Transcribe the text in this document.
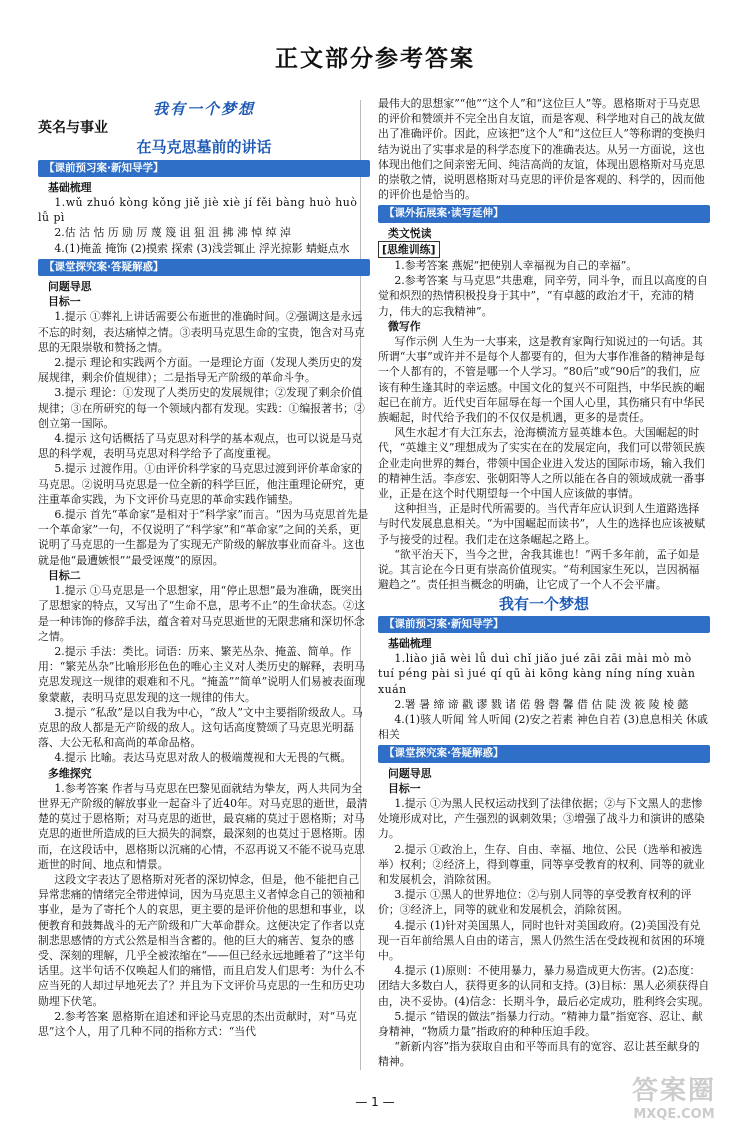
正文部分参考答案
我有一个梦想
英名与事业
在马克思墓前的讲话
【课前预习案·新知导学】

基础梳理

1.wǔ zhuó kòng kǒng jiě jiè xiè jí fěi bàng huò huò lǚ pì

2.估 沽 怙 历 励 厉 蔑 篾 诅 狙 沮 拂 沸 悼 绰 淖

4.(1)掩盖 掩饰 (2)摸索 探索 (3)浅尝辄止 浮光掠影 蜻蜓点水

【课堂探究案·答疑解惑】

问题导思

目标一

1.提示 ①葬礼上讲话需要公布逝世的准确时间。②强调这是永远不忘的时刻，表达痛悼之情。③表明马克思生命的宝贵，饱含对马克思的无限崇敬和赞扬之情。

2.提示 理论和实践两个方面。一是理论方面（发现人类历史的发展规律，剩余价值规律）；二是指导无产阶级的革命斗争。

3.提示 理论：①发现了人类历史的发展规律；②发现了剩余价值规律；③在所研究的每一个领域内都有发现。实践：①编报著书；②创立第一国际。

4.提示 这句话概括了马克思对科学的基本观点，也可以说是马克思的科学观，表明马克思对科学给予了高度重视。

5.提示 过渡作用。①由评价科学家的马克思过渡到评价革命家的马克思。②说明马克思是一位全新的科学巨匠，他注重理论研究，更注重革命实践，为下文评价马克思的革命实践作铺垫。

6.提示 首先“革命家”是相对于“科学家”而言。“因为马克思首先是一个革命家”一句，不仅说明了“科学家”和“革命家”之间的关系，更说明了马克思的一生都是为了实现无产阶级的解放事业而奋斗。这也就是他“最遭嫉恨”“最受诬蔑”的原因。

目标二

1.提示 ①马克思是一个思想家，用“停止思想”最为准确，既突出了思想家的特点，又写出了“生命不息，思考不止”的生命状态。②这是一种讳饰的修辞手法，蕴含着对马克思逝世的无限悲痛和深切怀念之情。

2.提示 手法：类比。词语：历来、繁芜丛杂、掩盖、简单。作用：“繁芜丛杂”比喻形形色色的唯心主义对人类历史的解释，表明马克思发现这一规律的艰难和不凡。“掩盖”“简单”说明人们易被表面现象蒙蔽，表明马克思发现的这一规律的伟大。

3.提示 “私敌”是以自我为中心，“敌人”文中主要指阶级敌人。马克思的敌人都是无产阶级的敌人。这句话高度赞颂了马克思光明磊落、大公无私和高尚的革命品格。

4.提示 比喻。表达马克思对敌人的极端蔑视和大无畏的气概。

多维探究

1.参考答案 作者与马克思在巴黎见面就结为挚友，两人共同为全世界无产阶级的解放事业一起奋斗了近40年。对马克思的逝世，最清楚的莫过于恩格斯；对马克思的逝世，最哀痛的莫过于恩格斯；对马克思的逝世所造成的巨大损失的洞察，最深刻的也莫过于恩格斯。因而，在这段话中，恩格斯以沉痛的心情，不忍再说又不能不说马克思逝世的时间、地点和情景。

这段文字表达了恩格斯对死者的深切悼念，但是，他不能把自己异常悲痛的情绪完全带进悼词，因为马克思主义者悼念自己的领袖和事业，是为了寄托个人的哀思，更主要的是评价他的思想和事业，以便教育和鼓舞战斗的无产阶级和广大革命群众。这便决定了作者以克制悲思感情的方式公然是相当含蓄的。他的巨大的痛苦、复杂的感受、深刻的理解，几乎全被浓缩在“——但已经永远地睡着了”这半句话里。这半句话不仅唤起人们的痛惜，而且启发人们思考：为什么不应当死的人却过早地死去了？并且为下文评价马克思的一生和历史功勋埋下伏笔。

2.参考答案 恩格斯在追述和评论马克思的杰出贡献时，对“马克思”这个人，用了几种不同的指称方式：“当代

最伟大的思想家”“他”“这个人”和“这位巨人”等。恩格斯对于马克思的评价和赞颂并不完全出自友谊，而是客观、科学地对自己的战友做出了准确评价。因此，应该把“这个人”和“这位巨人”等称谓的变换归结为说出了实事求是的科学态度下的准确表达。从另一方面说，这也体现出他们之间亲密无间、纯洁高尚的友谊，体现出恩格斯对马克思的崇敬之情，说明恩格斯对马克思的评价是客观的、科学的，因而他的评价也是恰当的。

【课外拓展案·读写延伸】

类文悦读

[思维训练]

1.参考答案 燕妮“把使别人幸福视为自己的幸福”。

2.参考答案 与马克思“共患难，同辛劳，同斗争，而且以高度的自觉和炽烈的热情积极投身于其中”，“有卓越的政治才干，充沛的精力，伟大的忘我精神”。

微写作

写作示例 人生为一大事来，这是教育家陶行知说过的一句话。其所谓“大事”或许并不是每个人都要有的，但为大事作准备的精神是每一个人都有的，不管是哪一个人学习。“80后”或“90后”的我们，应该有种生逢其时的幸运感。中国文化的复兴不可阻挡，中华民族的崛起已在前方。近代史百年屈辱在每一个国人心里，其伤痛只有中华民族崛起，时代给予我们的不仅仅是机遇，更多的是责任。

风生水起才有大江东去，沧海横流方显英雄本色。大国崛起的时代，“英雄主义”理想成为了实实在在的发展定向，我们可以带领民族企业走向世界的舞台，带领中国企业进入发达的国际市场，输入我们的精神生活。李彦宏、张朝阳等人之所以能在各自的领域成就一番事业，正是在这个时代期望每一个中国人应该做的事情。

这种担当，正是时代所需要的。当代青年应认识到人生道路选择与时代发展息息相关。“为中国崛起而读书”，人生的选择也应该被赋予与接受的过程。我们走在这条崛起之路上。

“欲平治天下，当今之世，舍我其谁也！”两千多年前，孟子如是说。其言论在今日更有崇高价值现实。“苟利国家生死以，岂因祸福避趋之”。责任担当概念的明确，让它成了一个人不会平庸。

我有一个梦想
【课前预习案·新知导学】

基础梳理

1.liào jiā wèi lǚ duì chǐ jiǎo jué zāi zāi mài mò mò tuí péng pài sì jué qí qū ài kōng kàng níng níng xuàn xuán

2.署 暑 缔 谛 戳 谬 戮 诸 偌 磐 磬 馨 借 估 陡 泼 筱 陵 棱 懿

4.(1)骇人听闻 耸人听闻 (2)安之若素 神色自若 (3)息息相关 休戚相关

【课堂探究案·答疑解惑】

问题导思

目标一

1.提示 ①为黑人民权运动找到了法律依据；②与下文黑人的悲惨处境形成对比，产生强烈的讽刺效果；③增强了战斗力和演讲的感染力。

2.提示 ①政治上，生存、自由、幸福、地位、公民（选举和被选举）权利；②经济上，得到尊重，同等享受教育的权利、同等的就业和发展机会，消除贫困。

3.提示 ①黑人的世界地位：②与别人同等的享受教育权利的评价；③经济上，同等的就业和发展机会，消除贫困。

4.提示 (1)针对美国黑人，同时也针对美国政府。(2)美国没有兑现一百年前给黑人自由的诺言，黑人仍然生活在受歧视和贫困的环境中。

4.提示 (1)原则：不使用暴力，暴力易造成更大伤害。(2)态度：团结大多数白人，获得更多的认同和支持。(3)目标：黑人必须获得自由，决不妥协。(4)信念：长期斗争，最后必定成功，胜利终会实现。

5.提示 “错误的做法”指暴力行动。“精神力量”指宽容、忍让、献身精神，“物质力量”指政府的种种压迫手段。

“新新内容”指为获取自由和平等而具有的宽容、忍让甚至献身的精神。

— 1 —	答案圈
MXQE.COM
